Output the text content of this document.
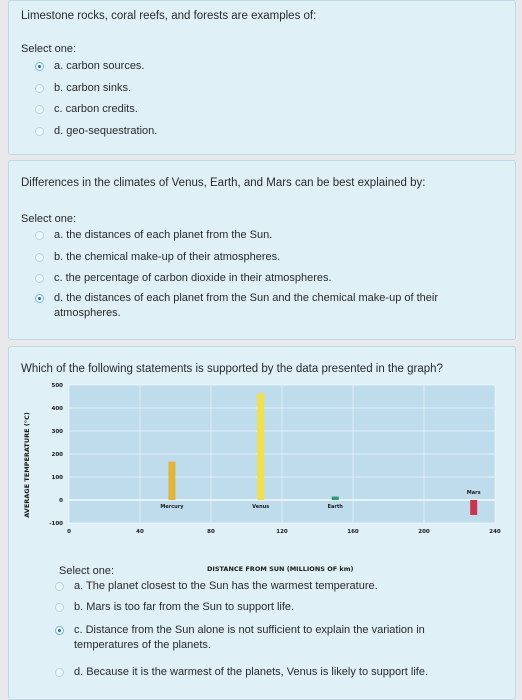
Limestone rocks, coral reefs, and forests are examples of:
Select one:
a. carbon sources.
b. carbon sinks.
c. carbon credits.
d. geo-sequestration.
Differences in the climates of Venus, Earth, and Mars can be best explained by:
Select one:
a. the distances of each planet from the Sun.
b. the chemical make-up of their atmospheres.
c. the percentage of carbon dioxide in their atmospheres.
d. the distances of each planet from the Sun and the chemical make-up of their atmospheres.
Which of the following statements is supported by the data presented in the graph?
500
400
300
200
100
0
-100
0	40	80	120	160	200	240
Mercury	Venus	Earth
Mars
AVERAGE TEMPERATURE (°C)
DISTANCE FROM SUN (MILLIONS OF km)
Select one:
a. The planet closest to the Sun has the warmest temperature.
b. Mars is too far from the Sun to support life.
c. Distance from the Sun alone is not sufficient to explain the variation in temperatures of the planets.
d. Because it is the warmest of the planets, Venus is likely to support life.
